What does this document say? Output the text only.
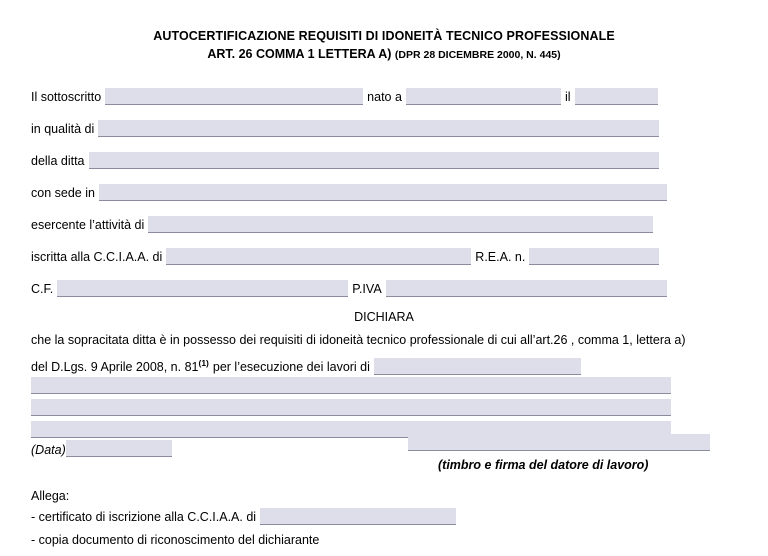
AUTOCERTIFICAZIONE REQUISITI DI IDONEITÀ TECNICO PROFESSIONALE
ART. 26 COMMA 1 LETTERA A) (DPR 28 DICEMBRE 2000, N. 445)
Il sottoscritto	nato a	il
in qualità di
della ditta
con sede in
esercente l’attività di
iscritta alla C.C.I.A.A. di	R.E.A. n.
C.F.	P.IVA
DICHIARA
che la sopracitata ditta è in possesso dei requisiti di idoneità tecnico professionale di cui all’art.26 , comma 1, lettera a)
del D.Lgs. 9 Aprile 2008, n. 81$^{(1)}$ per l’esecuzione dei lavori di
(Data)
(timbro e firma del datore di lavoro)
Allega:
- certificato di iscrizione alla C.C.I.A.A. di
- copia documento di riconoscimento del dichiarante
